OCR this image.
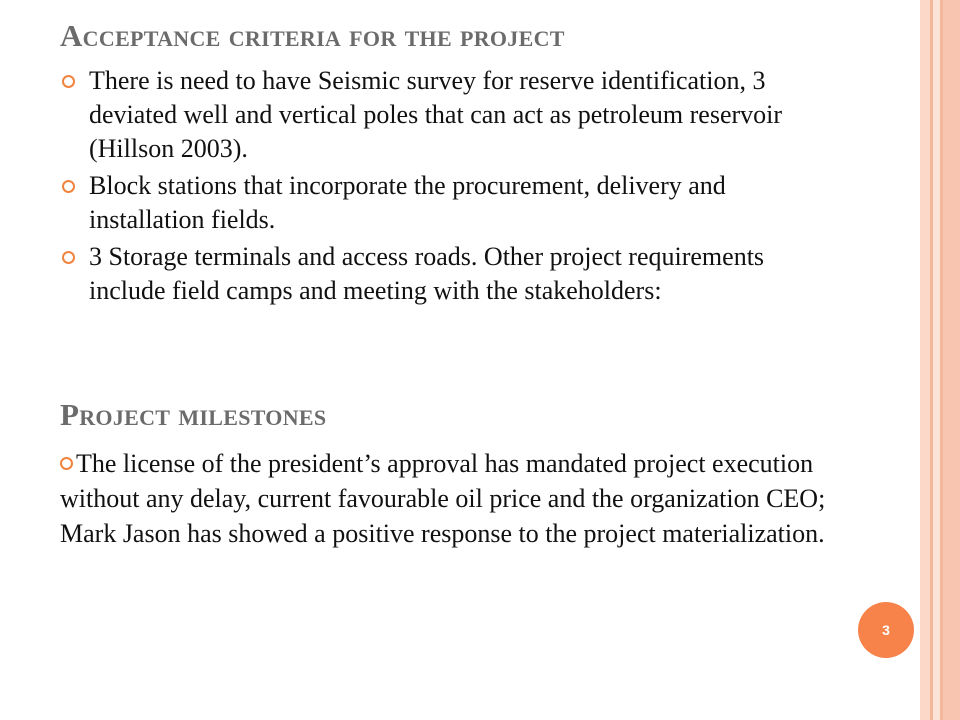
Acceptance criteria for the project
There is need to have Seismic survey for reserve identification, 3 deviated well and vertical poles that can act as petroleum reservoir (Hillson 2003).
Block stations that incorporate the procurement, delivery and installation fields.
3 Storage terminals and access roads. Other project requirements include field camps and meeting with the stakeholders:
Project milestones
The license of the president’s approval has mandated project execution without any delay, current favourable oil price and the organization CEO; Mark Jason has showed a positive response to the project materialization.
3
